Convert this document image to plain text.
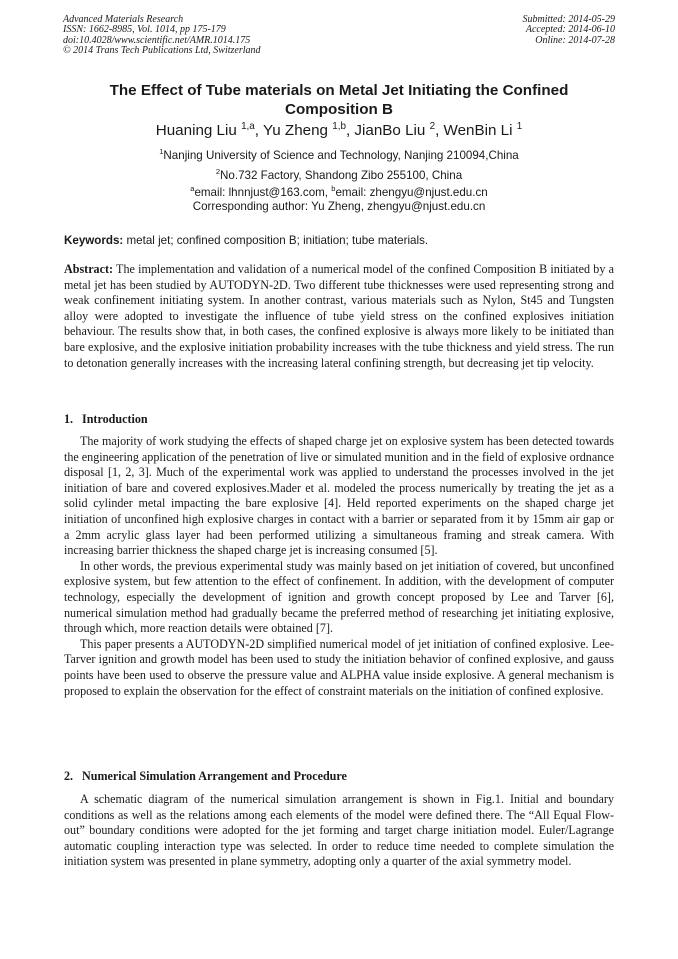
Advanced Materials Research
ISSN: 1662-8985, Vol. 1014, pp 175-179
doi:10.4028/www.scientific.net/AMR.1014.175
© 2014 Trans Tech Publications Ltd, Switzerland
Submitted: 2014-05-29
Accepted: 2014-06-10
Online: 2014-07-28
The Effect of Tube materials on Metal Jet Initiating the Confined Composition B
Huaning Liu $^{1,a}$, Yu Zheng $^{1,b}$, JianBo Liu $^2$, WenBin Li $^1$
$^1$Nanjing University of Science and Technology, Nanjing 210094,China
$^2$No.732 Factory, Shandong Zibo 255100, China
$^a$email: lhnnjust@163.com, $^b$email: zhengyu@njust.edu.cn
Corresponding author: Yu Zheng, zhengyu@njust.edu.cn
Keywords: metal jet; confined composition B; initiation; tube materials.
Abstract: The implementation and validation of a numerical model of the confined Composition B initiated by a metal jet has been studied by AUTODYN-2D. Two different tube thicknesses were used representing strong and weak confinement initiating system. In another contrast, various materials such as Nylon, St45 and Tungsten alloy were adopted to investigate the influence of tube yield stress on the confined explosives initiation behaviour. The results show that, in both cases, the confined explosive is always more likely to be initiated than bare explosive, and the explosive initiation probability increases with the tube thickness and yield stress. The run to detonation generally increases with the increasing lateral confining strength, but decreasing jet tip velocity.
1. Introduction

The majority of work studying the effects of shaped charge jet on explosive system has been detected towards the engineering application of the penetration of live or simulated munition and in the field of explosive ordnance disposal [1, 2, 3]. Much of the experimental work was applied to understand the processes involved in the jet initiation of bare and covered explosives.Mader et al. modeled the process numerically by treating the jet as a solid cylinder metal impacting the bare explosive [4]. Held reported experiments on the shaped charge jet initiation of unconfined high explosive charges in contact with a barrier or separated from it by 15mm air gap or a 2mm acrylic glass layer had been performed utilizing a simultaneous framing and streak camera. With increasing barrier thickness the shaped charge jet is increasing consumed [5].

In other words, the previous experimental study was mainly based on jet initiation of covered, but unconfined explosive system, but few attention to the effect of confinement. In addition, with the development of computer technology, especially the development of ignition and growth concept proposed by Lee and Tarver [6], numerical simulation method had gradually became the preferred method of researching jet initiating explosive, through which, more reaction details were obtained [7].

This paper presents a AUTODYN-2D simplified numerical model of jet initiation of confined explosive. Lee- Tarver ignition and growth model has been used to study the initiation behavior of confined explosive, and gauss points have been used to observe the pressure value and ALPHA value inside explosive. A general mechanism is proposed to explain the observation for the effect of constraint materials on the initiation of confined explosive.

2. Numerical Simulation Arrangement and Procedure

A schematic diagram of the numerical simulation arrangement is shown in Fig.1. Initial and boundary conditions as well as the relations among each elements of the model were defined there. The “All Equal Flow-out” boundary conditions were adopted for the jet forming and target charge initiation model. Euler/Lagrange automatic coupling interaction type was selected. In order to reduce time needed to complete simulation the initiation system was presented in plane symmetry, adopting only a quarter of the axial symmetry model.
